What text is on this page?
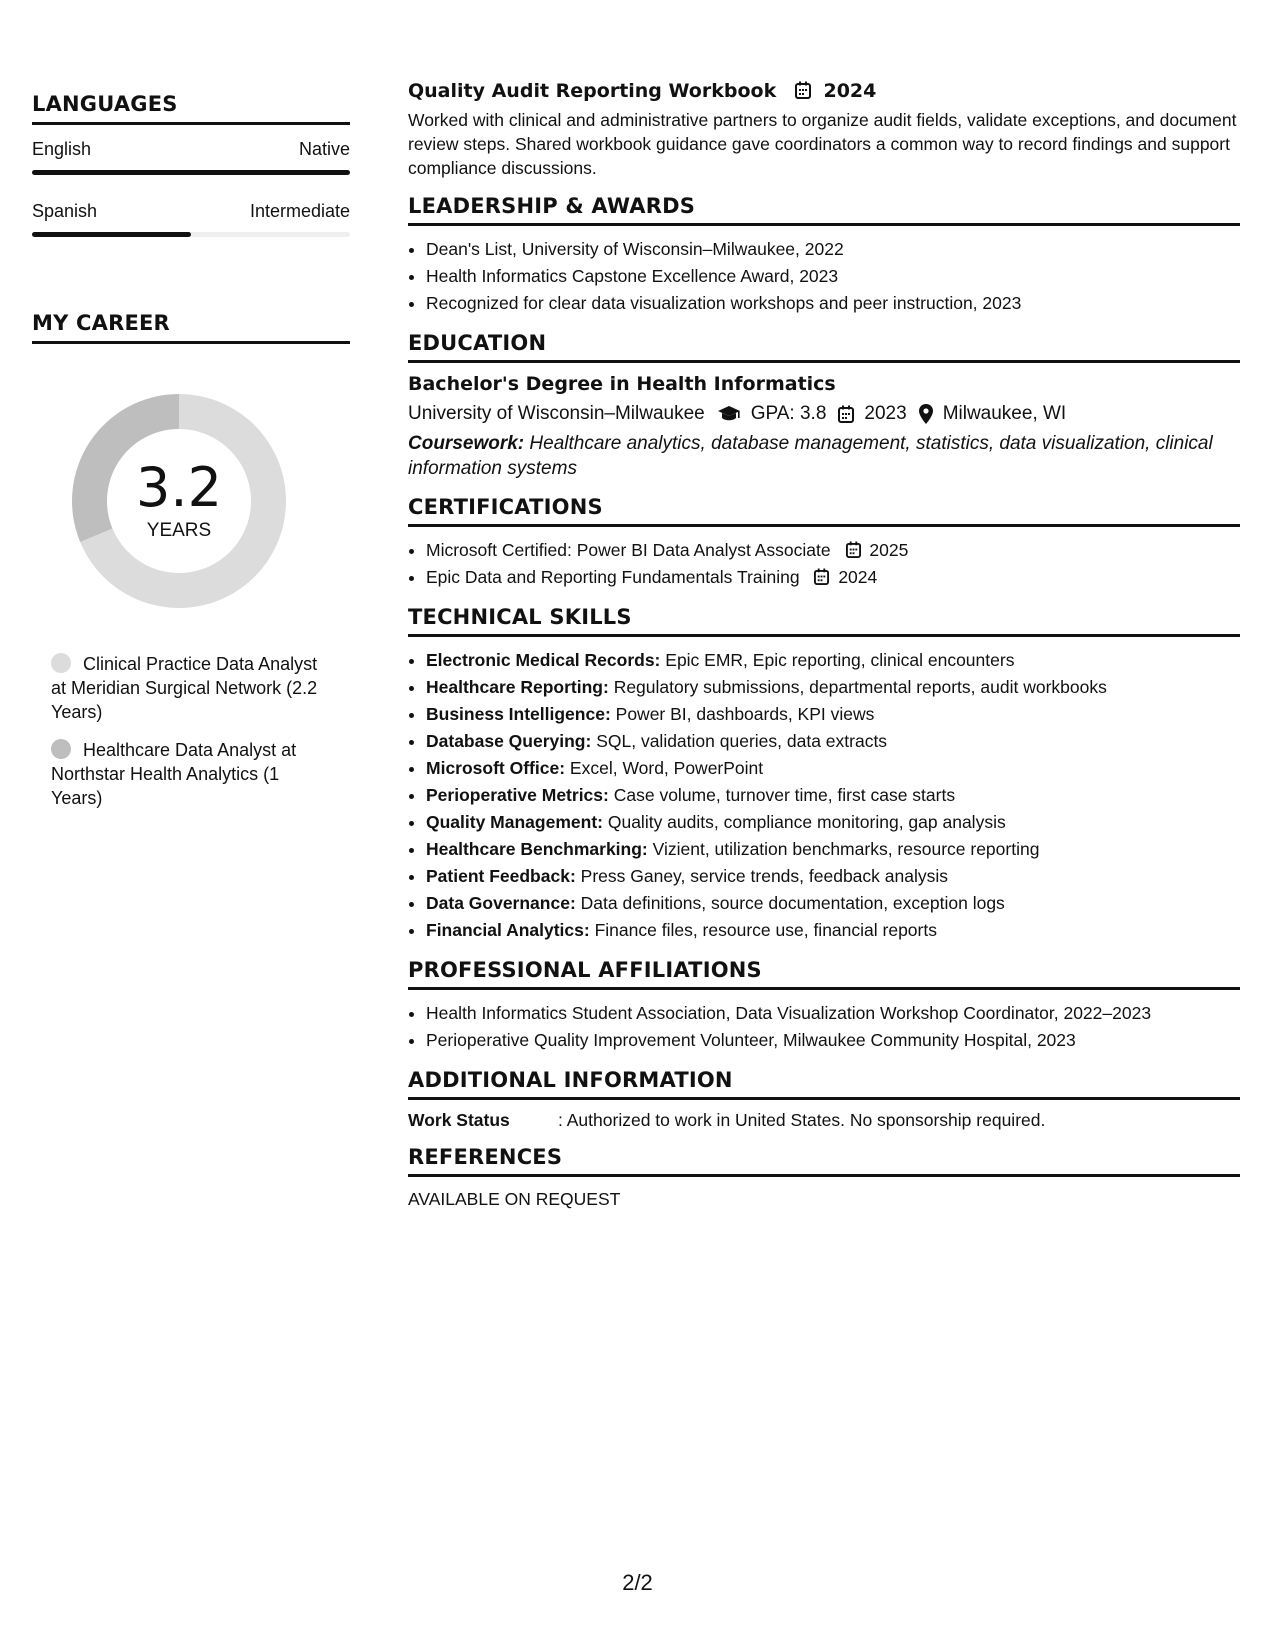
LANGUAGES
English	Native
Spanish	Intermediate
MY CAREER
3.2
YEARS
Clinical Practice Data Analyst at Meridian Surgical Network (2.2 Years)
Healthcare Data Analyst at Northstar Health Analytics (1 Years)
Quality Audit Reporting Workbook 2024
Worked with clinical and administrative partners to organize audit fields, validate exceptions, and document review steps. Shared workbook guidance gave coordinators a common way to record findings and support compliance discussions.
LEADERSHIP & AWARDS
• Dean's List, University of Wisconsin–Milwaukee, 2022
• Health Informatics Capstone Excellence Award, 2023
• Recognized for clear data visualization workshops and peer instruction, 2023
EDUCATION
Bachelor's Degree in Health Informatics
University of Wisconsin–Milwaukee GPA: 3.8 2023 Milwaukee, WI
Coursework: Healthcare analytics, database management, statistics, data visualization, clinical information systems
CERTIFICATIONS
• Microsoft Certified: Power BI Data Analyst Associate 2025
• Epic Data and Reporting Fundamentals Training 2024
TECHNICAL SKILLS
• Electronic Medical Records: Epic EMR, Epic reporting, clinical encounters
• Healthcare Reporting: Regulatory submissions, departmental reports, audit workbooks
• Business Intelligence: Power BI, dashboards, KPI views
• Database Querying: SQL, validation queries, data extracts
• Microsoft Office: Excel, Word, PowerPoint
• Perioperative Metrics: Case volume, turnover time, first case starts
• Quality Management: Quality audits, compliance monitoring, gap analysis
• Healthcare Benchmarking: Vizient, utilization benchmarks, resource reporting
• Patient Feedback: Press Ganey, service trends, feedback analysis
• Data Governance: Data definitions, source documentation, exception logs
• Financial Analytics: Finance files, resource use, financial reports
PROFESSIONAL AFFILIATIONS
• Health Informatics Student Association, Data Visualization Workshop Coordinator, 2022–2023
• Perioperative Quality Improvement Volunteer, Milwaukee Community Hospital, 2023
ADDITIONAL INFORMATION
Work Status	: Authorized to work in United States. No sponsorship required.
REFERENCES
AVAILABLE ON REQUEST
2/2
